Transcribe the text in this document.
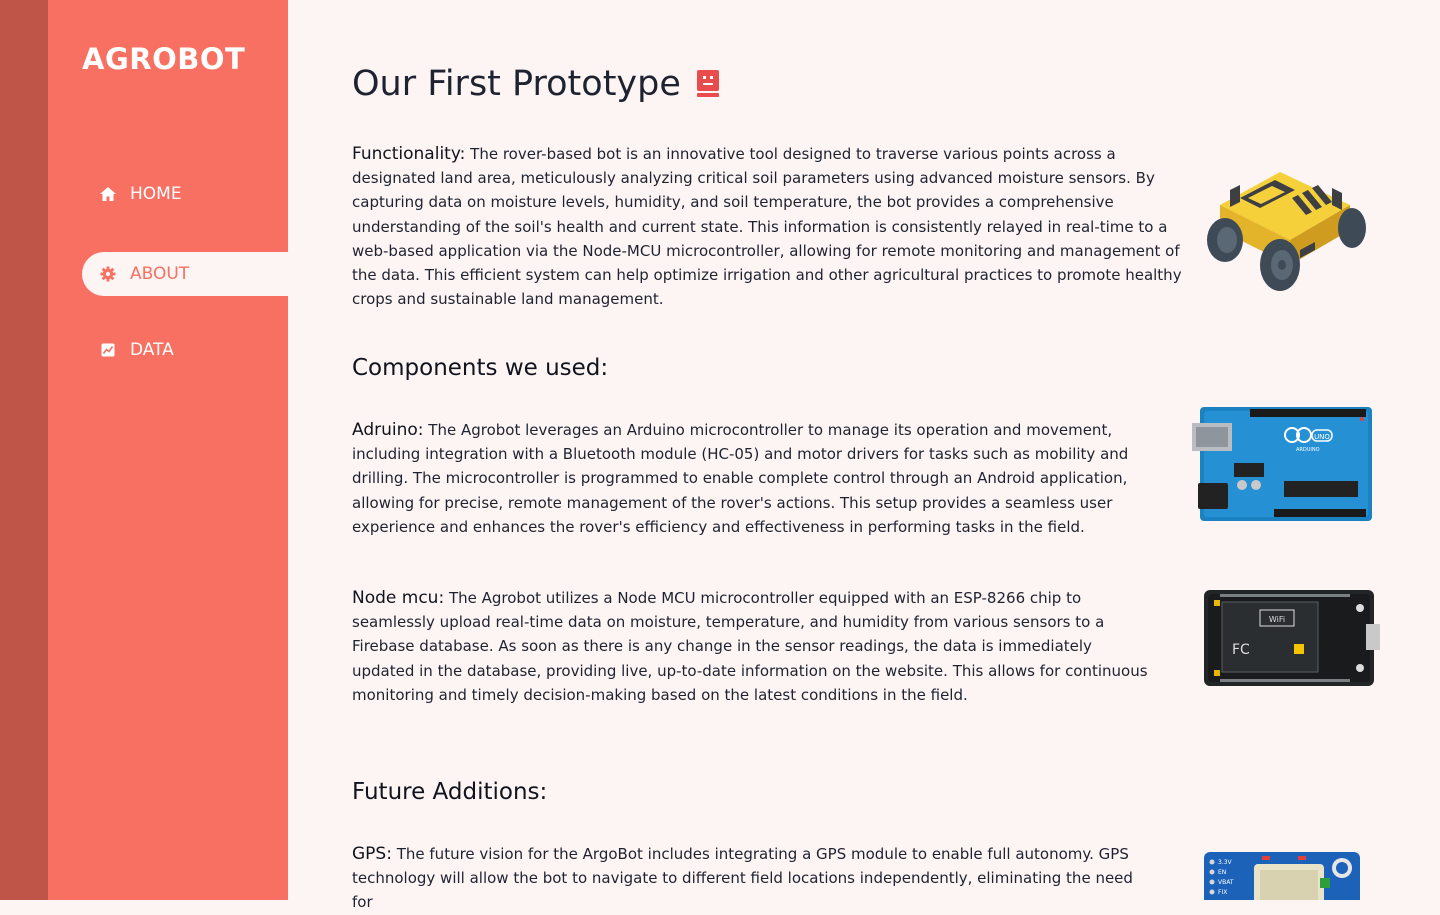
AGROBOT
HOME
ABOUT
DATA
Our First Prototype

Functionality: The rover-based bot is an innovative tool designed to traverse various points across a designated land area, meticulously analyzing critical soil parameters using advanced moisture sensors. By capturing data on moisture levels, humidity, and soil temperature, the bot provides a comprehensive understanding of the soil's health and current state. This information is consistently relayed in real-time to a web-based application via the Node-MCU microcontroller, allowing for remote monitoring and management of the data. This efficient system can help optimize irrigation and other agricultural practices to promote healthy crops and sustainable land management.

Components we used:

Adruino: The Agrobot leverages an Arduino microcontroller to manage its operation and movement, including integration with a Bluetooth module (HC-05) and motor drivers for tasks such as mobility and drilling. The microcontroller is programmed to enable complete control through an Android application, allowing for precise, remote management of the rover's actions. This setup provides a seamless user experience and enhances the rover's efficiency and effectiveness in performing tasks in the field.

UNO
ARDUINO

Node mcu: The Agrobot utilizes a Node MCU microcontroller equipped with an ESP-8266 chip to seamlessly upload real-time data on moisture, temperature, and humidity from various sensors to a Firebase database. As soon as there is any change in the sensor readings, the data is immediately updated in the database, providing live, up-to-date information on the website. This allows for continuous monitoring and timely decision-making based on the latest conditions in the field.

WiFi
FC
Future Additions:

GPS: The future vision for the ArgoBot includes integrating a GPS module to enable full autonomy. GPS technology will allow the bot to navigate to different field locations independently, eliminating the need for

3.3V
EN
VBAT
FIX
